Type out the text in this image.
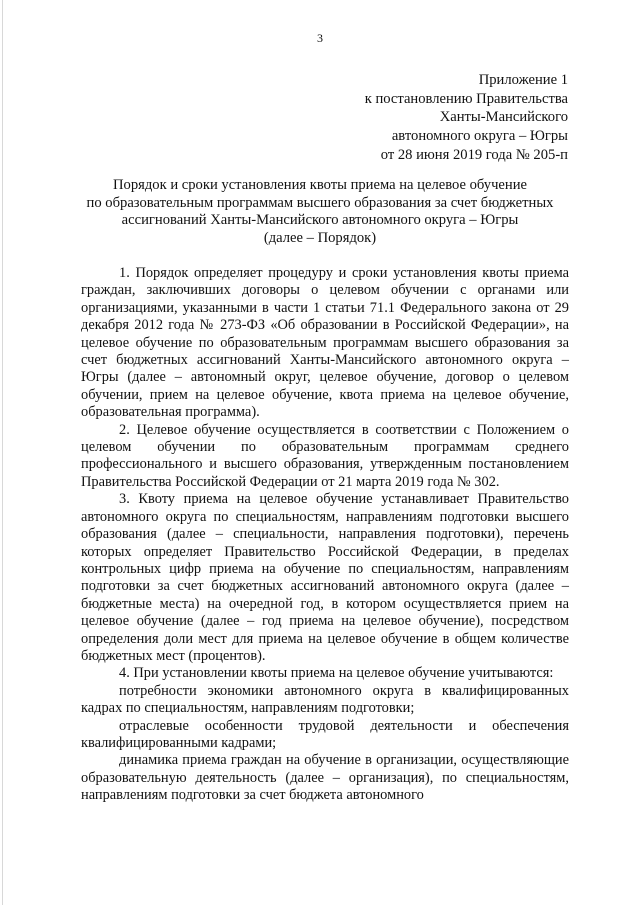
3
Приложение 1
к постановлению Правительства
Ханты-Мансийского
автономного округа – Югры
от 28 июня 2019 года № 205-п
Порядок и сроки установления квоты приема на целевое обучение
по образовательным программам высшего образования за счет бюджетных
ассигнований Ханты-Мансийского автономного округа – Югры
(далее – Порядок)

1. Порядок определяет процедуру и сроки установления квоты приема граждан, заключивших договоры о целевом обучении с органами или организациями, указанными в части 1 статьи 71.1 Федерального закона от 29 декабря 2012 года № 273-ФЗ «Об образовании в Российской Федерации», на целевое обучение по образовательным программам высшего образования за счет бюджетных ассигнований Ханты-Мансийского автономного округа – Югры (далее – автономный округ, целевое обучение, договор о целевом обучении, прием на целевое обучение, квота приема на целевое обучение, образовательная программа).

2. Целевое обучение осуществляется в соответствии с Положением о целевом обучении по образовательным программам среднего профессионального и высшего образования, утвержденным постановлением Правительства Российской Федерации от 21 марта 2019 года № 302.

3. Квоту приема на целевое обучение устанавливает Правительство автономного округа по специальностям, направлениям подготовки высшего образования (далее – специальности, направления подготовки), перечень которых определяет Правительство Российской Федерации, в пределах контрольных цифр приема на обучение по специальностям, направлениям подготовки за счет бюджетных ассигнований автономного округа (далее – бюджетные места) на очередной год, в котором осуществляется прием на целевое обучение (далее – год приема на целевое обучение), посредством определения доли мест для приема на целевое обучение в общем количестве бюджетных мест (процентов).

4. При установлении квоты приема на целевое обучение учитываются:

потребности экономики автономного округа в квалифицированных кадрах по специальностям, направлениям подготовки;

отраслевые особенности трудовой деятельности и обеспечения квалифицированными кадрами;

динамика приема граждан на обучение в организации, осуществляющие образовательную деятельность (далее – организация), по специальностям, направлениям подготовки за счет бюджета автономного
